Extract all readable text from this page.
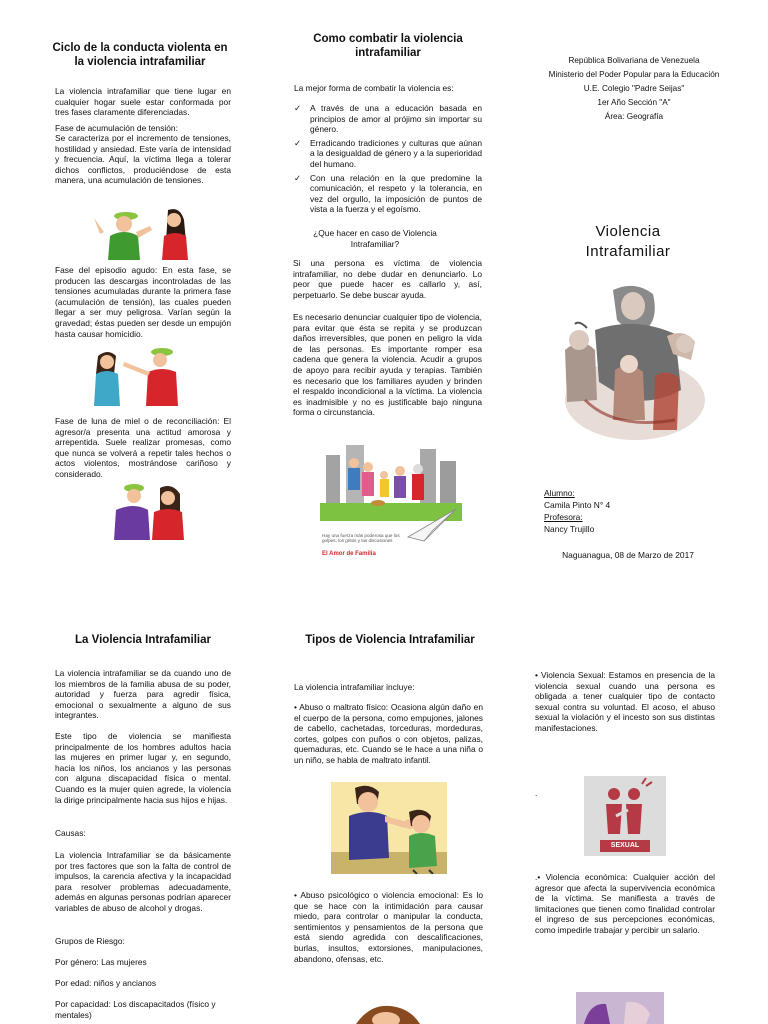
Ciclo de la conducta violenta en la violencia intrafamiliar

La violencia intrafamiliar que tiene lugar en cualquier hogar suele estar conformada por tres fases claramente diferenciadas.

Fase de acumulación de tensión:

Se caracteriza por el incremento de tensiones, hostilidad y ansiedad. Este varía de intensidad y frecuencia. Aquí, la víctima llega a tolerar dichos conflictos, produciéndose de esta manera, una acumulación de tensiones.

Fase del episodio agudo: En esta fase, se producen las descargas incontroladas de las tensiones acumuladas durante la primera fase (acumulación de tensión), las cuales pueden llegar a ser muy peligrosa. Varían según la gravedad; éstas pueden ser desde un empujón hasta causar homicidio.

Fase de luna de miel o de reconciliación: El agresor/a presenta una actitud amorosa y arrepentida. Suele realizar promesas, como que nunca se volverá a repetir tales hechos o actos violentos, mostrándose cariñoso y considerado.

Como combatir la violencia intrafamiliar

La mejor forma de combatir la violencia es:

✓ A través de una a educación basada en principios de amor al prójimo sin importar su género.
✓ Erradicando tradiciones y culturas que aúnan a la desigualdad de género y a la superioridad del humano.
✓ Con una relación en la que predomine la comunicación, el respeto y la tolerancia, en vez del orgullo, la imposición de puntos de vista a la fuerza y el egoísmo.

¿Que hacer en caso de Violencia Intrafamiliar?

Si una persona es víctima de violencia intrafamiliar, no debe dudar en denunciarlo. Lo peor que puede hacer es callarlo y, así, perpetuarlo. Se debe buscar ayuda.

Es necesario denunciar cualquier tipo de violencia, para evitar que ésta se repita y se produzcan daños irreversibles, que ponen en peligro la vida de las personas. Es importante romper esa cadena que genera la violencia. Acudir a grupos de apoyo para recibir ayuda y terapias. También es necesario que los familiares ayuden y brinden el respaldo incondicional a la víctima. La violencia es inadmisible y no es justificable bajo ninguna forma o circunstancia.

Hay una fuerza más poderosa que los golpes, los gritos y las discusiones
El Amor de Familia

República Bolivariana de Venezuela

Ministerio del Poder Popular para la Educación

U.E. Colegio "Padre Seijas"

1er Año Sección "A"

Área: Geografía

Violencia

Intrafamiliar

Alumno:

Camila Pinto N° 4

Profesora:

Nancy Trujillo

Naguanagua, 08 de Marzo de 2017

La Violencia Intrafamiliar

La violencia intrafamiliar se da cuando uno de los miembros de la familia abusa de su poder, autoridad y fuerza para agredir física, emocional o sexualmente a alguno de sus integrantes.

Este tipo de violencia se manifiesta principalmente de los hombres adultos hacia las mujeres en primer lugar y, en segundo, hacia los niños, los ancianos y las personas con alguna discapacidad física o mental. Cuando es la mujer quien agrede, la violencia la dirige principalmente hacia sus hijos e hijas.

Causas:

La violencia Intrafamiliar se da básicamente por tres factores que son la falta de control de impulsos, la carencia afectiva y la incapacidad para resolver problemas adecuadamente, además en algunas personas podrían aparecer variables de abuso de alcohol y drogas.

Grupos de Riesgo:

Por género: Las mujeres

Por edad: niños y ancianos

Por capacidad: Los discapacitados (físico y mentales)

Tipos de Violencia Intrafamiliar

La violencia intrafamiliar incluye:

• Abuso o maltrato físico: Ocasiona algún daño en el cuerpo de la persona, como empujones, jalones de cabello, cachetadas, torceduras, mordeduras, cortes, golpes con puños o con objetos, palizas, quemaduras, etc. Cuando se le hace a una niña o un niño, se habla de maltrato infantil.

• Abuso psicológico o violencia emocional: Es lo que se hace con la intimidación para causar miedo, para controlar o manipular la conducta, sentimientos y pensamientos de la persona que está siendo agredida con descalificaciones, burlas, insultos, extorsiones, manipulaciones, abandono, ofensas, etc.

• Violencia Sexual: Estamos en presencia de la violencia sexual cuando una persona es obligada a tener cualquier tipo de contacto sexual contra su voluntad. El acoso, el abuso sexual la violación y el incesto son sus distintas manifestaciones.

.

SEXUAL

.• Violencia económica: Cualquier acción del agresor que afecta la supervivencia económica de la víctima. Se manifiesta a través de limitaciones que tienen como finalidad controlar el ingreso de sus percepciones económicas, como impedirle trabajar y percibir un salario.
